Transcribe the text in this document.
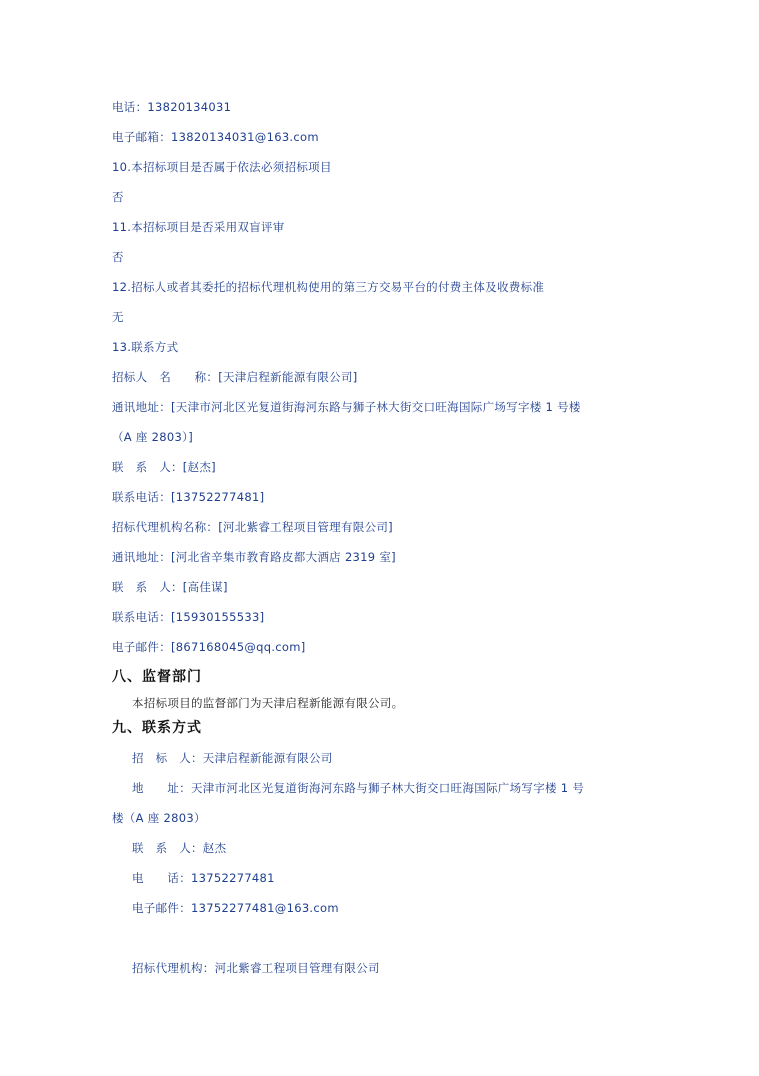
电话：13820134031
电子邮箱：13820134031@163.com
10.本招标项目是否属于依法必须招标项目
否
11.本招标项目是否采用双盲评审
否
12.招标人或者其委托的招标代理机构使用的第三方交易平台的付费主体及收费标准
无
13.联系方式
招标人　名　　称：[天津启程新能源有限公司]
通讯地址：[天津市河北区光复道街海河东路与狮子林大街交口旺海国际广场写字楼 1 号楼
（A 座 2803）]
联　系　人：[赵杰]
联系电话：[13752277481]
招标代理机构名称：[河北紫睿工程项目管理有限公司]
通讯地址：[河北省辛集市教育路皮都大酒店 2319 室]
联　系　人：[高佳谋]
联系电话：[15930155533]
电子邮件：[867168045@qq.com]
八、监督部门
本招标项目的监督部门为天津启程新能源有限公司。
九、联系方式
招　标　人：天津启程新能源有限公司
地　　址：天津市河北区光复道街海河东路与狮子林大街交口旺海国际广场写字楼 1 号
楼（A 座 2803）
联　系　人：赵杰
电　　话：13752277481
电子邮件：13752277481@163.com
招标代理机构：河北紫睿工程项目管理有限公司
